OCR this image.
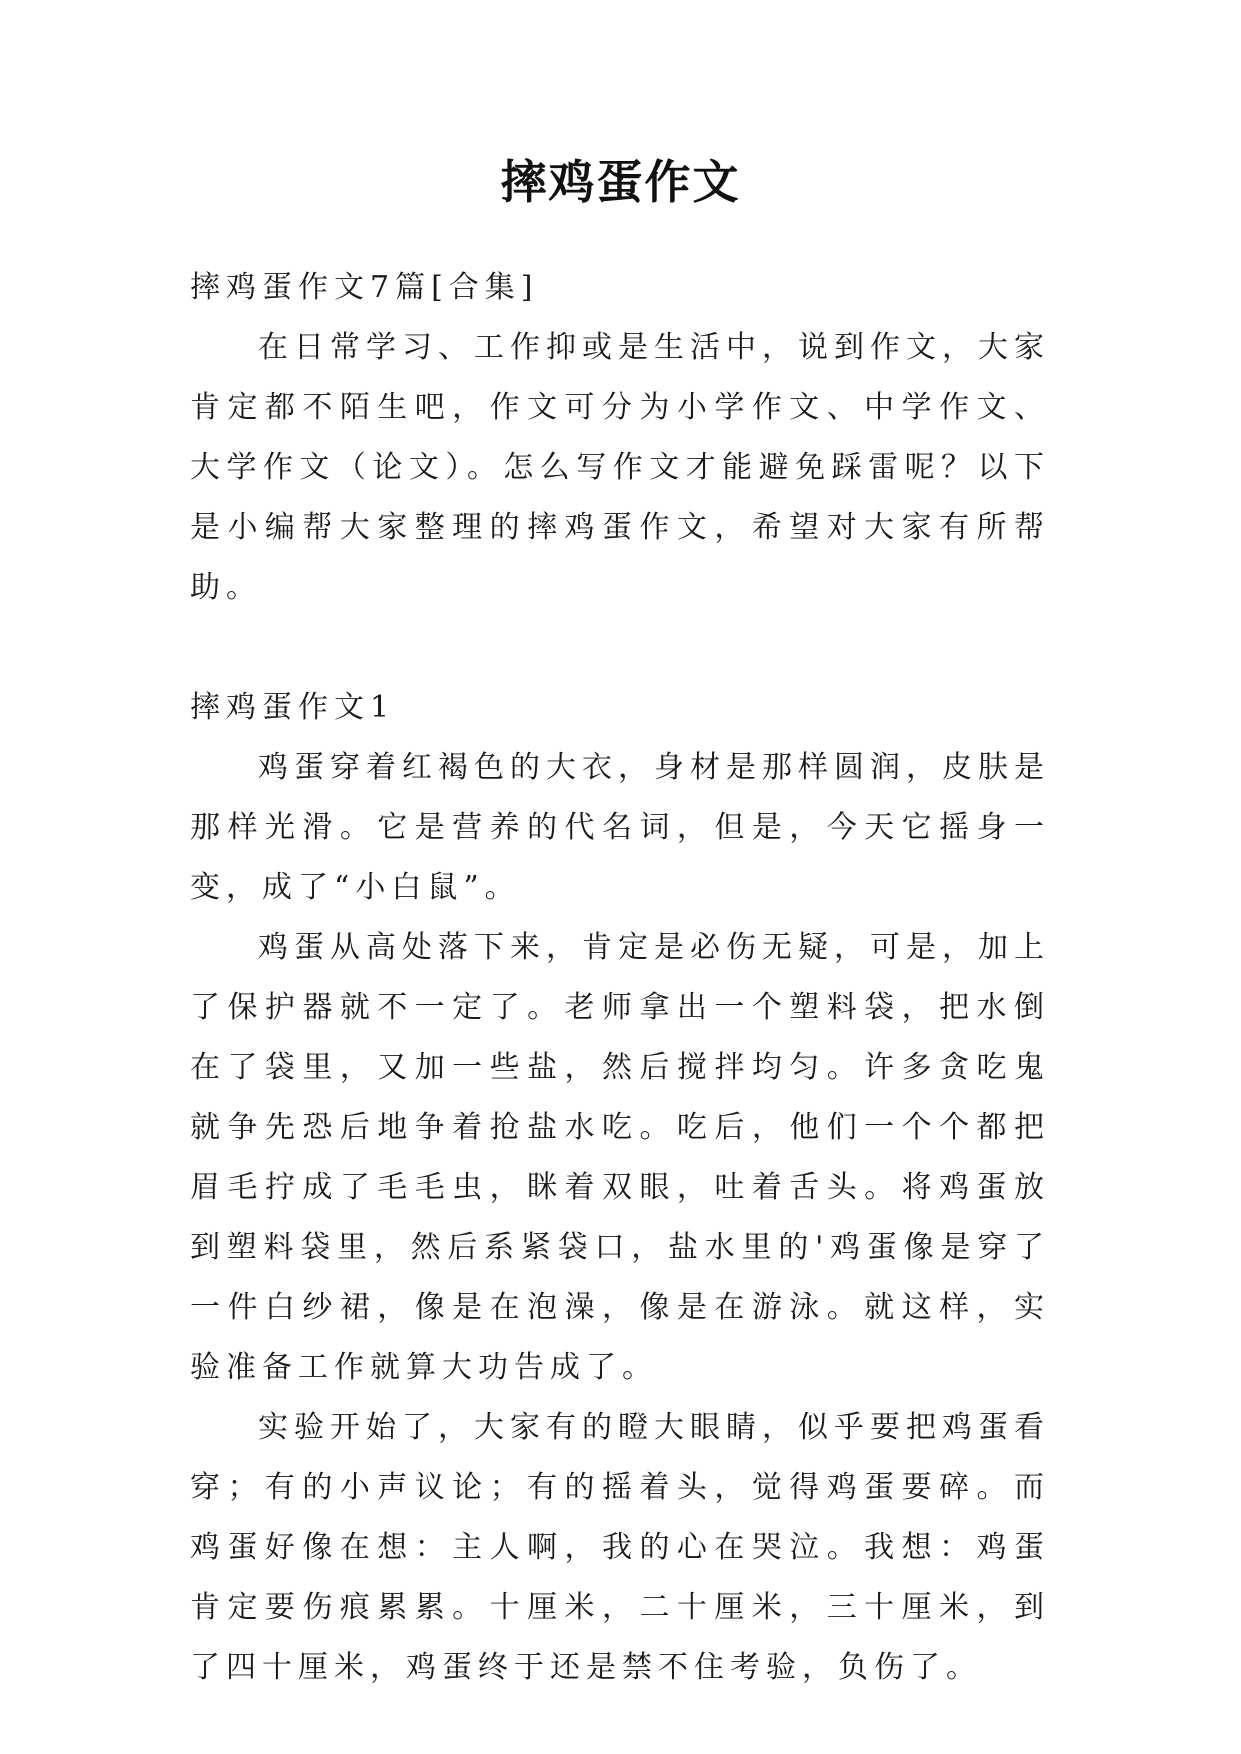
摔鸡蛋作文

摔鸡蛋作文7篇[合集]

在日常学习、工作抑或是生活中，说到作文，大家肯定都不陌生吧，作文可分为小学作文、中学作文、大学作文（论文）。怎么写作文才能避免踩雷呢？以下是小编帮大家整理的摔鸡蛋作文，希望对大家有所帮助。

摔鸡蛋作文1

鸡蛋穿着红褐色的大衣，身材是那样圆润，皮肤是那样光滑。它是营养的代名词，但是，今天它摇身一变，成了“小白鼠”。

鸡蛋从高处落下来，肯定是必伤无疑，可是，加上了保护器就不一定了。老师拿出一个塑料袋，把水倒在了袋里，又加一些盐，然后搅拌均匀。许多贪吃鬼就争先恐后地争着抢盐水吃。吃后，他们一个个都把眉毛拧成了毛毛虫，眯着双眼，吐着舌头。将鸡蛋放到塑料袋里，然后系紧袋口，盐水里的'鸡蛋像是穿了一件白纱裙，像是在泡澡，像是在游泳。就这样，实验准备工作就算大功告成了。

实验开始了，大家有的瞪大眼睛，似乎要把鸡蛋看穿；有的小声议论；有的摇着头，觉得鸡蛋要碎。而鸡蛋好像在想：主人啊，我的心在哭泣。我想：鸡蛋肯定要伤痕累累。十厘米，二十厘米，三十厘米，到了四十厘米，鸡蛋终于还是禁不住考验，负伤了。
